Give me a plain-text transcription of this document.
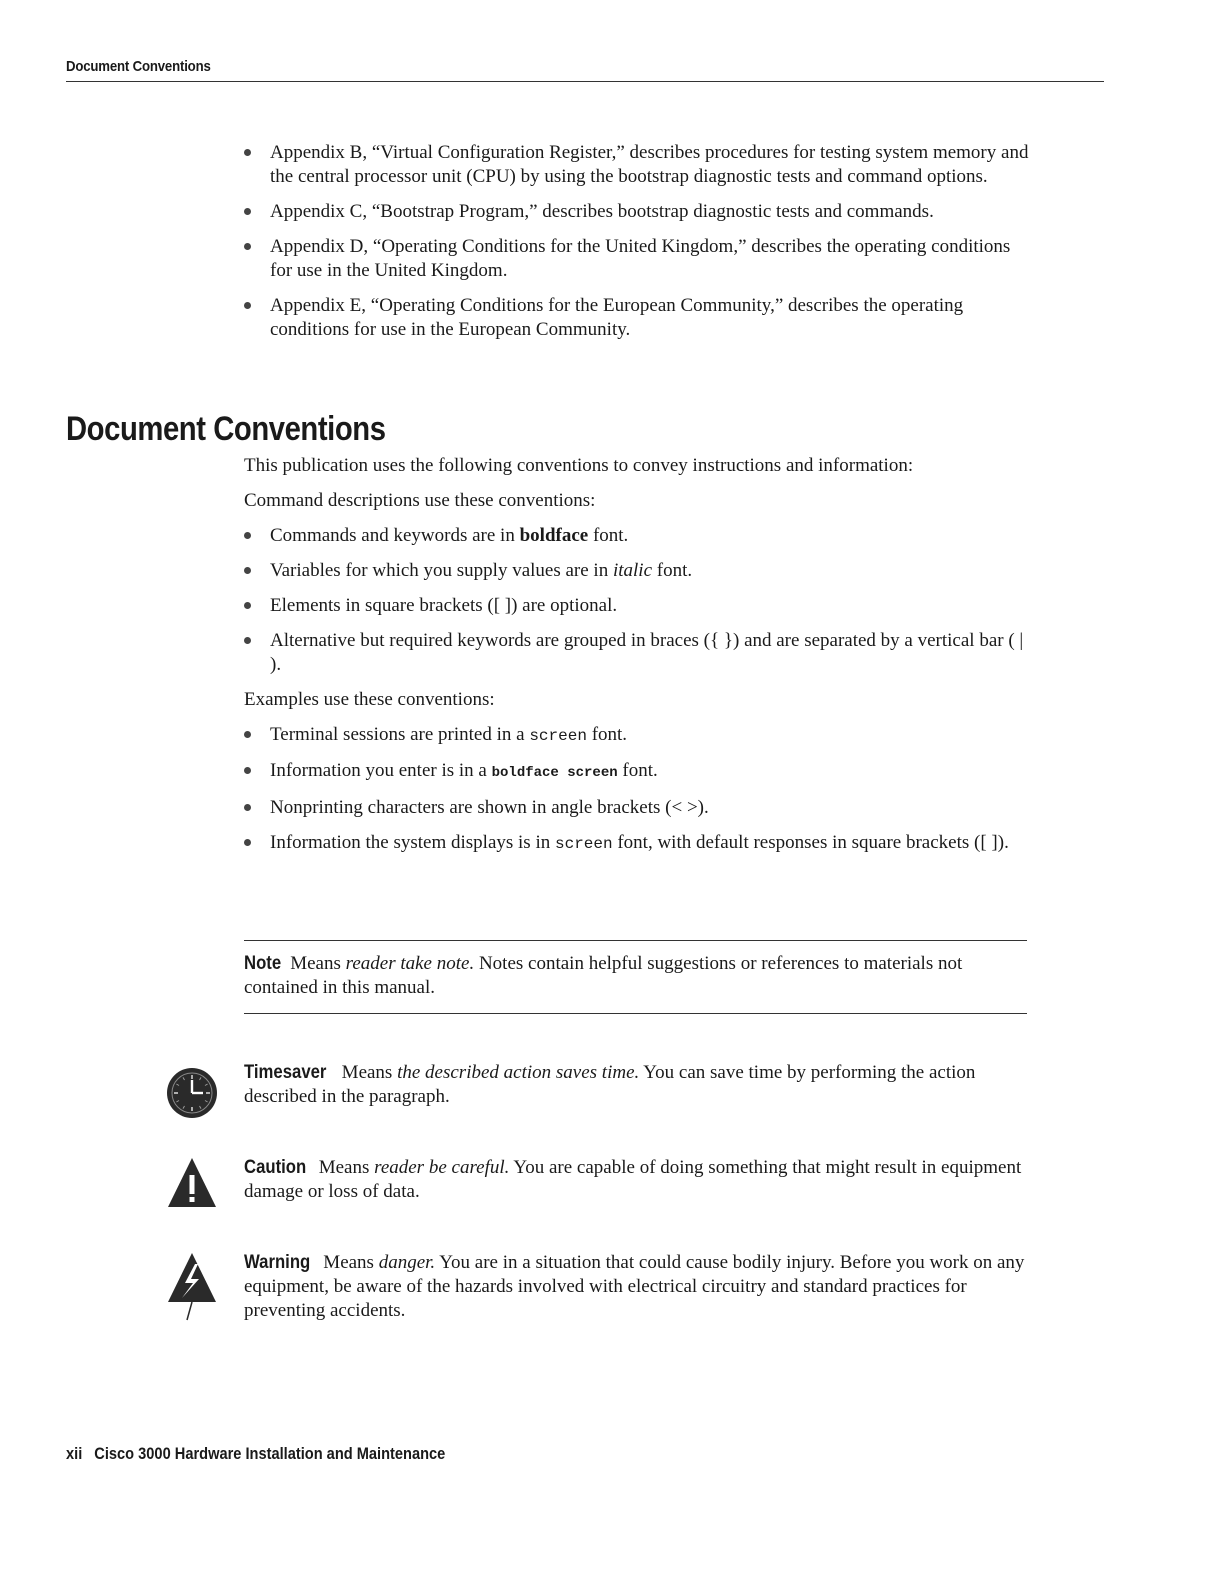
Document Conventions
Appendix B, “Virtual Configuration Register,” describes procedures for testing system memory and the central processor unit (CPU) by using the bootstrap diagnostic tests and command options.
Appendix C, “Bootstrap Program,” describes bootstrap diagnostic tests and commands.
Appendix D, “Operating Conditions for the United Kingdom,” describes the operating conditions for use in the United Kingdom.
Appendix E, “Operating Conditions for the European Community,” describes the operating conditions for use in the European Community.
Document Conventions

This publication uses the following conventions to convey instructions and information:

Command descriptions use these conventions:

Commands and keywords are in boldface font.
Variables for which you supply values are in italic font.
Elements in square brackets ([ ]) are optional.
Alternative but required keywords are grouped in braces ({ }) and are separated by a vertical bar ( | ).

Examples use these conventions:

Terminal sessions are printed in a screen font.
Information you enter is in a boldface screen font.
Nonprinting characters are shown in angle brackets (< >).
Information the system displays is in screen font, with default responses in square brackets ([ ]).
Note Means reader take note. Notes contain helpful suggestions or references to materials not contained in this manual.
Timesaver Means the described action saves time. You can save time by performing the action described in the paragraph.
Caution Means reader be careful. You are capable of doing something that might result in equipment damage or loss of data.
Warning Means danger. You are in a situation that could cause bodily injury. Before you work on any equipment, be aware of the hazards involved with electrical circuitry and standard practices for preventing accidents.
xii Cisco 3000 Hardware Installation and Maintenance
